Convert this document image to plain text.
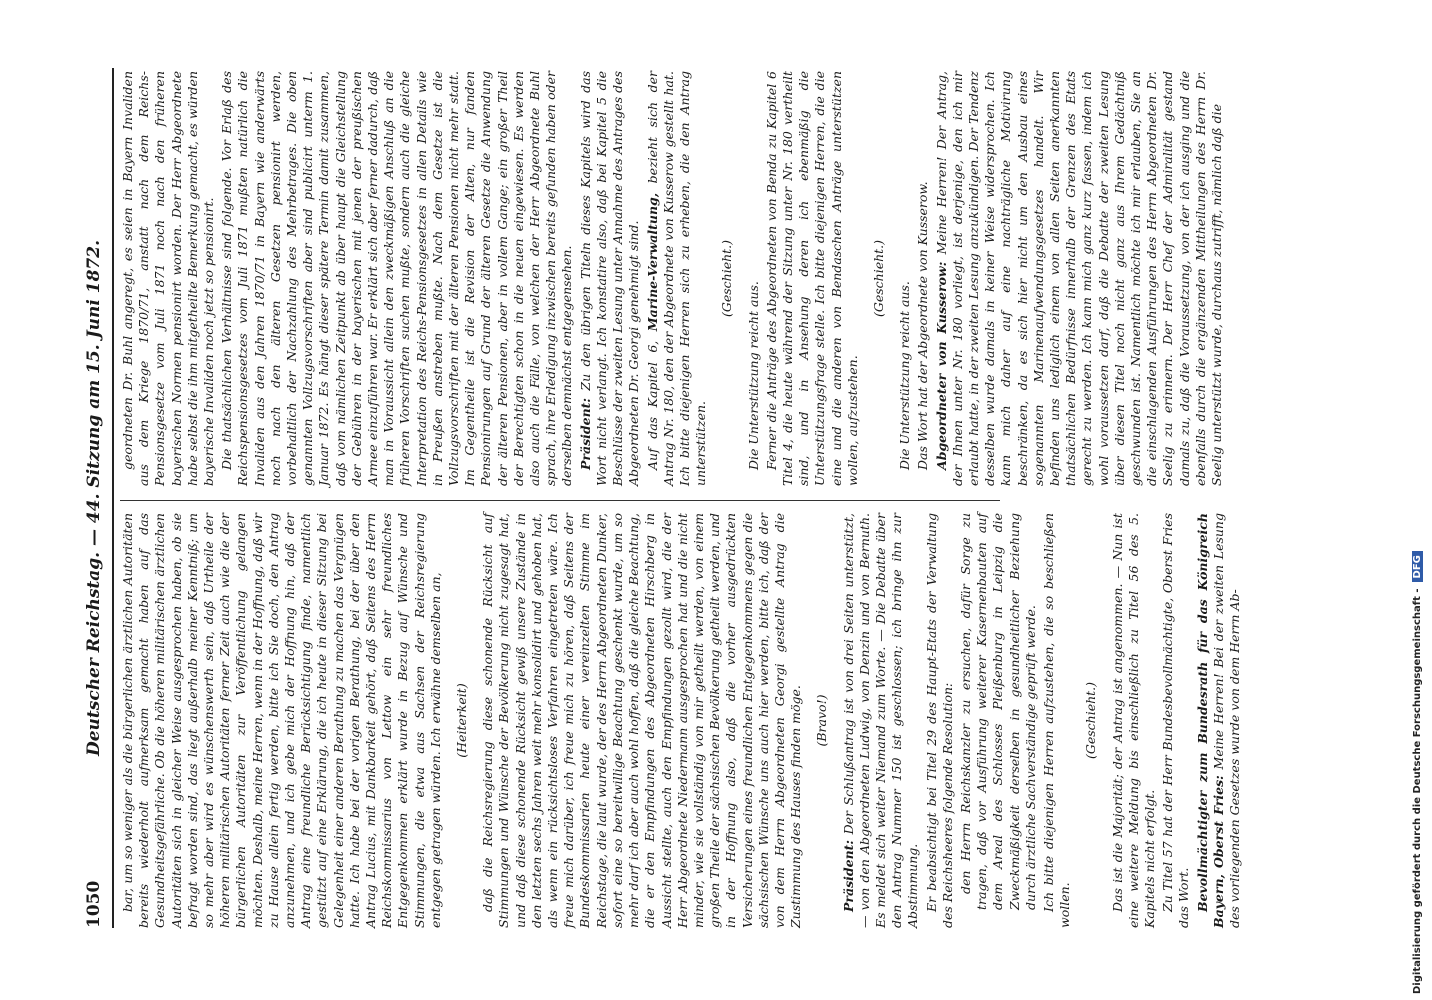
1050
Deutscher Reichstag. — 44. Sitzung am 15. Juni 1872. bar, um so weniger als die bürgerlichen ärztlichen Autoritäten bereits wiederholt aufmerksam gemacht haben auf das Gesundheitsgefährliche. Ob die höheren militärischen ärztlichen Autoritäten sich in gleicher Weise ausgesprochen haben, ob sie befragt worden sind, das liegt außerhalb meiner Kenntniß; um so mehr aber wird es wünschenswerth sein, daß Urtheile der höheren militärischen Autoritäten ferner Zeit auch wie die der bürgerlichen Autoritäten zur Veröffentlichung gelangen möchten. Deshalb, meine Herren, wenn in der Hoffnung, daß wir zu Hause allein fertig werden, bitte ich Sie doch, den Antrag anzunehmen, und ich gebe mich der Hoffnung hin, daß der Antrag eine freundliche Berücksichtigung finde, namentlich gestützt auf eine Erklärung, die ich heute in dieser Sitzung bei Gelegenheit einer anderen Berathung zu machen das Vergnügen hatte. Ich habe bei der vorigen Berathung, bei der über den Antrag Lucius, mit Dankbarkeit gehört, daß Seitens des Herrn Reichskommissarius von Lettow ein sehr freundliches Entgegenkommen erklärt wurde in Bezug auf Wünsche und Stimmungen, die etwa aus Sachsen der Reichsregierung entgegen getragen würden. Ich erwähne demselben an, (Heiterkeit) daß die Reichsregierung diese schonende Rücksicht auf Stimmungen und Wünsche der Bevölkerung nicht zugesagt hat, und daß diese schonende Rücksicht gewiß unsere Zustände in den letzten sechs Jahren weit mehr konsolidirt und gehoben hat, als wenn ein rücksichtsloses Verfahren eingetreten wäre. Ich freue mich darüber, ich freue mich zu hören, daß Seitens der Bundeskommissarien heute einer vereinzelten Stimme im Reichstage, die laut wurde, der des Herrn Abgeordneten Dunker, sofort eine so bereitwillige Beachtung geschenkt wurde, um so mehr darf ich aber auch wohl hoffen, daß die gleiche Beachtung, die er den Empfindungen des Abgeordneten Hirschberg in Aussicht stellte, auch den Empfindungen gezollt wird, die der Herr Abgeordnete Niedermann ausgesprochen hat und die nicht minder, wie sie vollständig von mir getheilt werden, von einem großen Theile der sächsischen Bevölkerung getheilt werden, und in der Hoffnung also, daß die vorher ausgedrückten Versicherungen eines freundlichen Entgegenkommens gegen die sächsischen Wünsche uns auch hier werden, bitte ich, daß der von dem Herrn Abgeordneten Georgi gestellte Antrag die Zustimmung des Hauses finden möge. (Bravo!)

Präsident: Der Schlußantrag ist von drei Seiten unterstützt, — von den Abgeordneten Ludwig, von Denzin und von Bernuth. Es meldet sich weiter Niemand zum Worte. — Die Debatte über den Antrag Nummer 150 ist geschlossen; ich bringe ihn zur Abstimmung. Er beabsichtigt bei Titel 29 des Haupt-Etats der Verwaltung des Reichsheeres folgende Resolution: den Herrn Reichskanzler zu ersuchen, dafür Sorge zu tragen, daß vor Ausführung weiterer Kasernenbauten auf dem Areal des Schlosses Pleißenburg in Leipzig die Zweckmäßigkeit derselben in gesundheitlicher Beziehung durch ärztliche Sachverständige geprüft werde. Ich bitte diejenigen Herren aufzustehen, die so beschließen wollen.

(Geschieht.) Das ist die Majorität; der Antrag ist angenommen. — Nun ist eine weitere Meldung bis einschließlich zu Titel 56 des 5. Kapitels nicht erfolgt. Zu Titel 57 hat der Herr Bundesbevollmächtigte, Oberst Fries das Wort. Bevollmächtigter zum Bundesrath für das Königreich Bayern, Oberst Fries: Meine Herren! Bei der zweiten Lesung des vorliegenden Gesetzes wurde von dem Herrn Ab-

geordneten Dr. Buhl angeregt, es seien in Bayern Invaliden aus dem Kriege 1870/71, anstatt nach dem Reichs-Pensionsgesetze vom Juli 1871 noch nach den früheren bayerischen Normen pensionirt worden. Der Herr Abgeordnete habe selbst die ihm mitgetheilte Bemerkung gemacht, es würden bayerische Invaliden noch jetzt so pensionirt. Die thatsächlichen Verhältnisse sind folgende. Vor Erlaß des Reichspensionsgesetzes vom Juli 1871 mußten natürlich die Invaliden aus den Jahren 1870/71 in Bayern wie anderwärts noch nach den älteren Gesetzen pensionirt werden, vorbehaltlich der Nachzahlung des Mehrbetrages. Die oben genannten Vollzugsvorschriften aber sind publicirt unterm 1. Januar 1872. Es hängt dieser spätere Termin damit zusammen, daß vom nämlichen Zeitpunkt ab über haupt die Gleichstellung der Gebühren in der bayerischen mit jenen der preußischen Armee einzuführen war. Er erklärt sich aber ferner dadurch, daß man in Voraussicht allein den zweckmäßigen Anschluß an die früheren Vorschriften suchen mußte, sondern auch die gleiche Interpretation des Reichs-Pensionsgesetzes in allen Details wie in Preußen anstreben mußte. Nach dem Gesetze ist die Vollzugsvorschriften mit der älteren Pensionen nicht mehr statt. Im Gegentheile ist die Revision der Alten, nur fanden Pensionirungen auf Grund der älteren Gesetze die Anwendung der älteren Pensionen, aber in vollem Gange; ein großer Theil der Berechtigten schon in die neuen eingewiesen. Es werden also auch die Fälle, von welchen der Herr Abgeordnete Buhl sprach, ihre Erledigung inzwischen bereits gefunden haben oder derselben demnächst entgegensehen. Präsident: Zu den übrigen Titeln dieses Kapitels wird das Wort nicht verlangt. Ich konstatire also, daß bei Kapitel 5 die Beschlüsse der zweiten Lesung unter Annahme des Antrages des Abgeordneten Dr. Georgi genehmigt sind. Auf das Kapitel 6, Marine-Verwaltung, bezieht sich der Antrag Nr. 180, den der Abgeordnete von Kusserow gestellt hat. Ich bitte diejenigen Herren sich zu erheben, die den Antrag unterstützen.

(Geschieht.)

Die Unterstützung reicht aus. Ferner die Anträge des Abgeordneten von Benda zu Kapitel 6 Titel 4, die heute während der Sitzung unter Nr. 180 vertheilt sind, und in Ansehung deren ich ebenmäßig die Unterstützungsfrage stelle. Ich bitte diejenigen Herren, die die eine und die anderen von Bendaschen Anträge unterstützen wollen, aufzustehen.

(Geschieht.)

Die Unterstützung reicht aus. Das Wort hat der Abgeordnete von Kusserow. Abgeordneter von Kusserow: Meine Herren! Der Antrag, der Ihnen unter Nr. 180 vorliegt, ist derjenige, den ich mir erlaubt hatte, in der zweiten Lesung anzukündigen. Der Tendenz desselben wurde damals in keiner Weise widersprochen. Ich kann mich daher auf eine nachträgliche Motivirung beschränken, da es sich hier nicht um den Ausbau eines sogenannten Marinenaufwendungsgesetzes handelt. Wir befinden uns lediglich einem von allen Seiten anerkannten thatsächlichen Bedürfnisse innerhalb der Grenzen des Etats gerecht zu werden. Ich kann mich ganz kurz fassen, indem ich wohl voraussetzen darf, daß die Debatte der zweiten Lesung über diesen Titel noch nicht ganz aus Ihrem Gedächtniß geschwunden ist. Namentlich möchte ich mir erlauben, Sie an die einschlagenden Ausführungen des Herrn Abgeordneten Dr. Seelig zu erinnern. Der Herr Chef der Admiralität gestand damals zu, daß die Voraussetzung, von der ich ausging und die ebenfalls durch die ergänzenden Mittheilungen des Herrn Dr. Seelig unterstützt wurde, durchaus zutrifft, nämlich daß die

Digitalisierung gefördert durch die Deutsche Forschungsgemeinschaft -DFG
